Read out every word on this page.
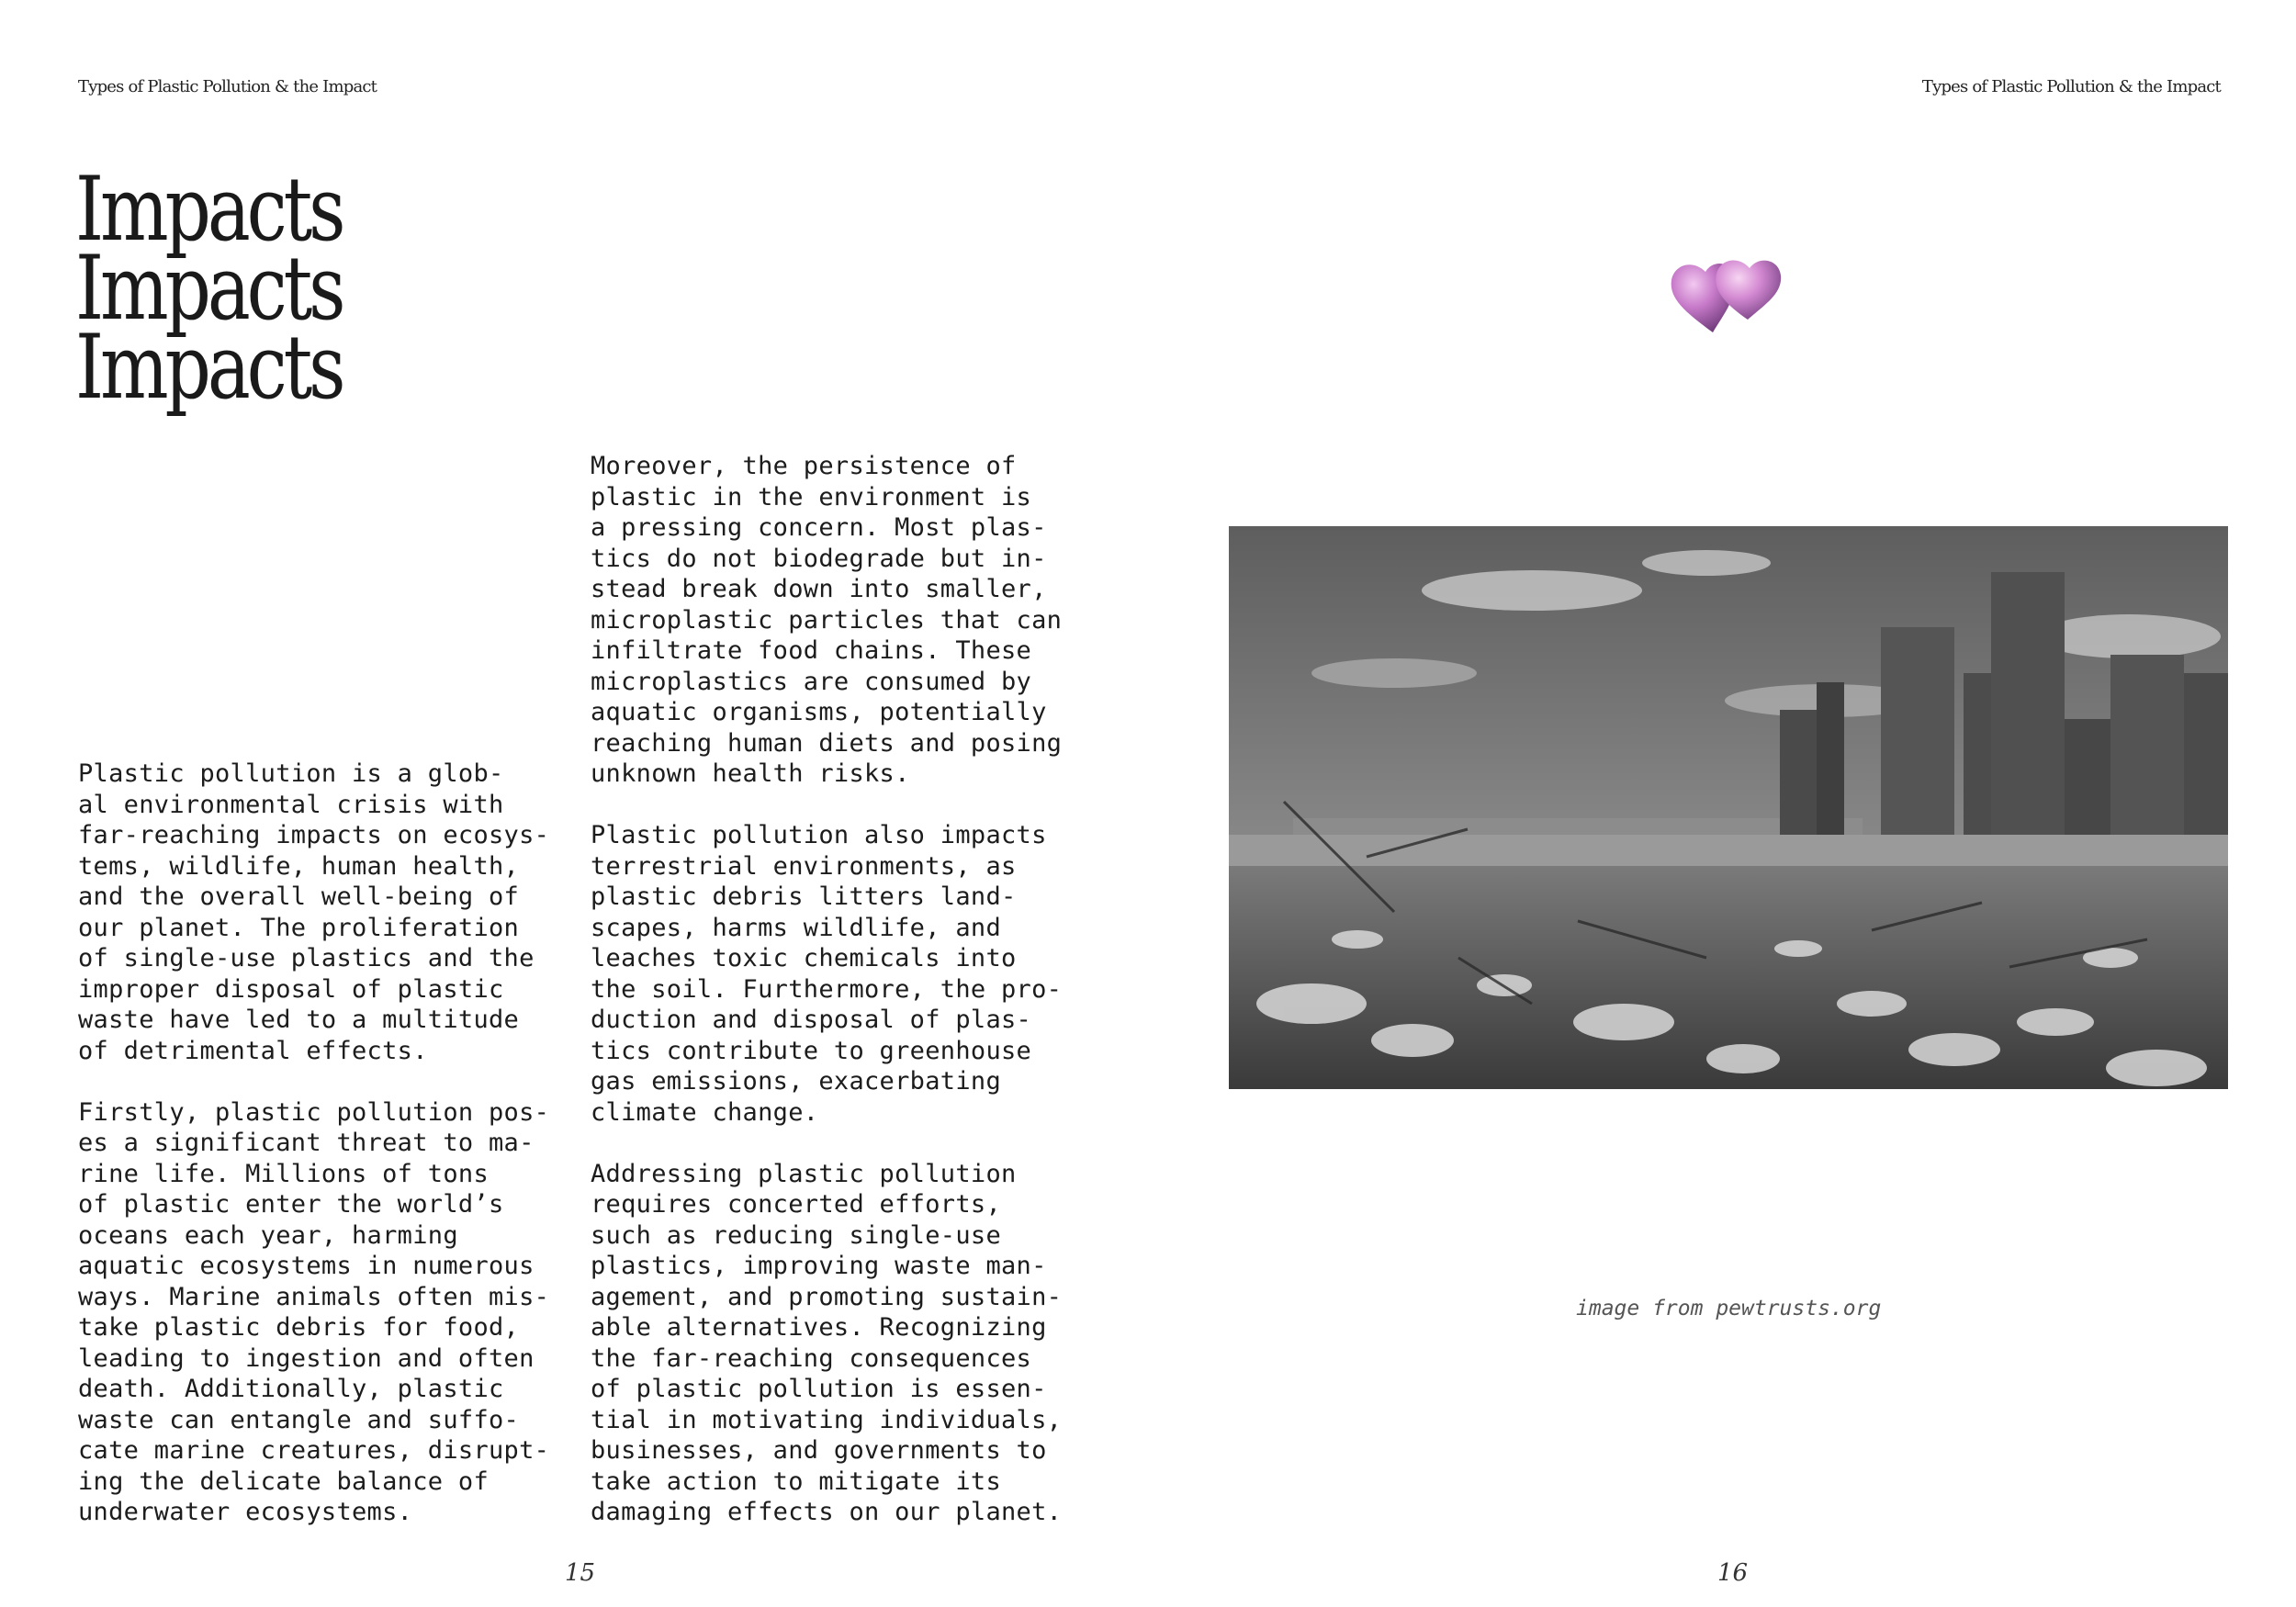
Types of Plastic Pollution & the Impact
Impacts
Impacts
Impacts

Plastic pollution is a glob-
al environmental crisis with
far-reaching impacts on ecosys-
tems, wildlife, human health,
and the overall well-being of
our planet. The proliferation
of single-use plastics and the
improper disposal of plastic
waste have led to a multitude
of detrimental effects.

Firstly, plastic pollution pos-
es a significant threat to ma-
rine life. Millions of tons
of plastic enter the world’s
oceans each year, harming
aquatic ecosystems in numerous
ways. Marine animals often mis-
take plastic debris for food,
leading to ingestion and often
death. Additionally, plastic
waste can entangle and suffo-
cate marine creatures, disrupt-
ing the delicate balance of
underwater ecosystems.

Moreover, the persistence of
plastic in the environment is
a pressing concern. Most plas-
tics do not biodegrade but in-
stead break down into smaller,
microplastic particles that can
infiltrate food chains. These
microplastics are consumed by
aquatic organisms, potentially
reaching human diets and posing
unknown health risks.

Plastic pollution also impacts
terrestrial environments, as
plastic debris litters land-
scapes, harms wildlife, and
leaches toxic chemicals into
the soil. Furthermore, the pro-
duction and disposal of plas-
tics contribute to greenhouse
gas emissions, exacerbating
climate change.

Addressing plastic pollution
requires concerted efforts,
such as reducing single-use
plastics, improving waste man-
agement, and promoting sustain-
able alternatives. Recognizing
the far-reaching consequences
of plastic pollution is essen-
tial in motivating individuals,
businesses, and governments to
take action to mitigate its
damaging effects on our planet.

15
Types of Plastic Pollution & the Impact
image from pewtrusts.org
16
